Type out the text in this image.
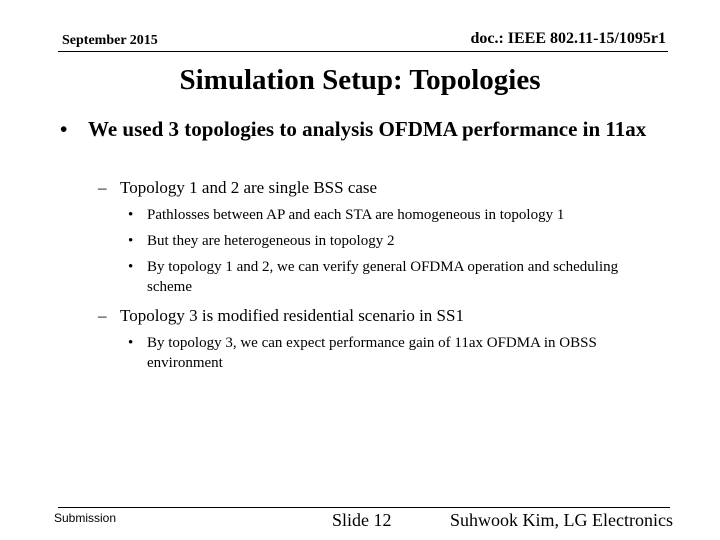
September 2015	doc.: IEEE 802.11-15/1095r1
Simulation Setup: Topologies
• We used 3 topologies to analysis OFDMA performance in 11ax
– Topology 1 and 2 are single BSS case
• Pathlosses between AP and each STA are homogeneous in topology 1
• But they are heterogeneous in topology 2
• By topology 1 and 2, we can verify general OFDMA operation and scheduling scheme
– Topology 3 is modified residential scenario in SS1
• By topology 3, we can expect performance gain of 11ax OFDMA in OBSS environment
Submission	Slide 12	Suhwook Kim, LG Electronics
